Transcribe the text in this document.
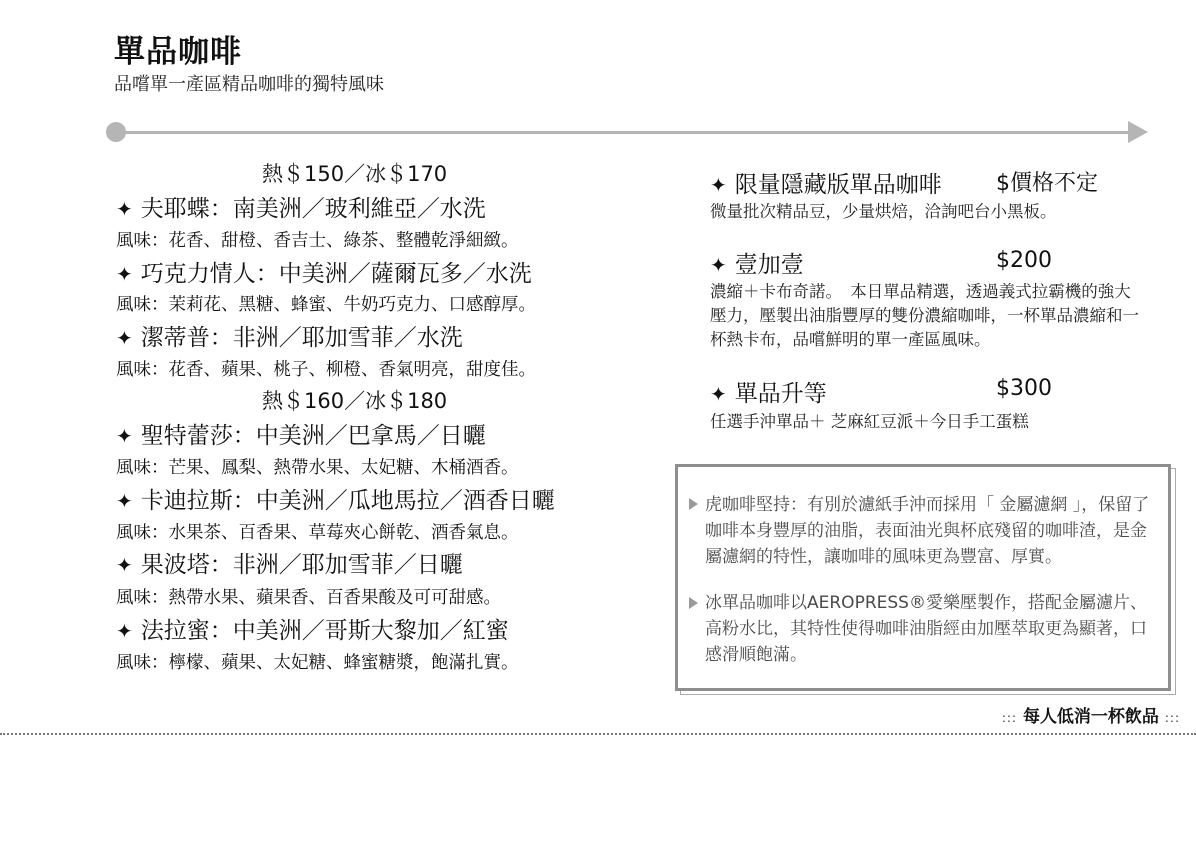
單品咖啡
品嚐單一產區精品咖啡的獨特風味
熱＄150／冰＄170
✦ 夫耶蝶：南美洲／玻利維亞／水洗
風味：花香、甜橙、香吉士、綠茶、整體乾淨細緻。
✦ 巧克力情人：中美洲／薩爾瓦多／水洗
風味：茉莉花、黑糖、蜂蜜、牛奶巧克力、口感醇厚。
✦ 潔蒂普：非洲／耶加雪菲／水洗
風味：花香、蘋果、桃子、柳橙、香氣明亮，甜度佳。
熱＄160／冰＄180
✦ 聖特蕾莎：中美洲／巴拿馬／日曬
風味：芒果、鳳梨、熱帶水果、太妃糖、木桶酒香。
✦ 卡迪拉斯：中美洲／瓜地馬拉／酒香日曬
風味：水果茶、百香果、草莓夾心餅乾、酒香氣息。
✦ 果波塔：非洲／耶加雪菲／日曬
風味：熱帶水果、蘋果香、百香果酸及可可甜感。
✦ 法拉蜜：中美洲／哥斯大黎加／紅蜜
風味：檸檬、蘋果、太妃糖、蜂蜜糖漿，飽滿扎實。
✦ 限量隱藏版單品咖啡 $價格不定
微量批次精品豆，少量烘焙，洽詢吧台小黑板。
✦ 壹加壹	$200
濃縮＋卡布奇諾。　本日單品精選，透過義式拉霸機的強大壓力，壓製出油脂豐厚的雙份濃縮咖啡，一杯單品濃縮和一杯熱卡布，品嚐鮮明的單一產區風味。
✦ 單品升等	$300
任選手沖單品＋ 芝麻紅豆派＋今日手工蛋糕
虎咖啡堅持：有別於濾紙手沖而採用「 金屬濾網 」，保留了咖啡本身豐厚的油脂，表面油光與杯底殘留的咖啡渣，是金屬濾網的特性，讓咖啡的風味更為豐富、厚實。
冰單品咖啡以AEROPRESS®愛樂壓製作，搭配金屬濾片、高粉水比，其特性使得咖啡油脂經由加壓萃取更為顯著，口感滑順飽滿。
::: 每人低消一杯飲品 :::
